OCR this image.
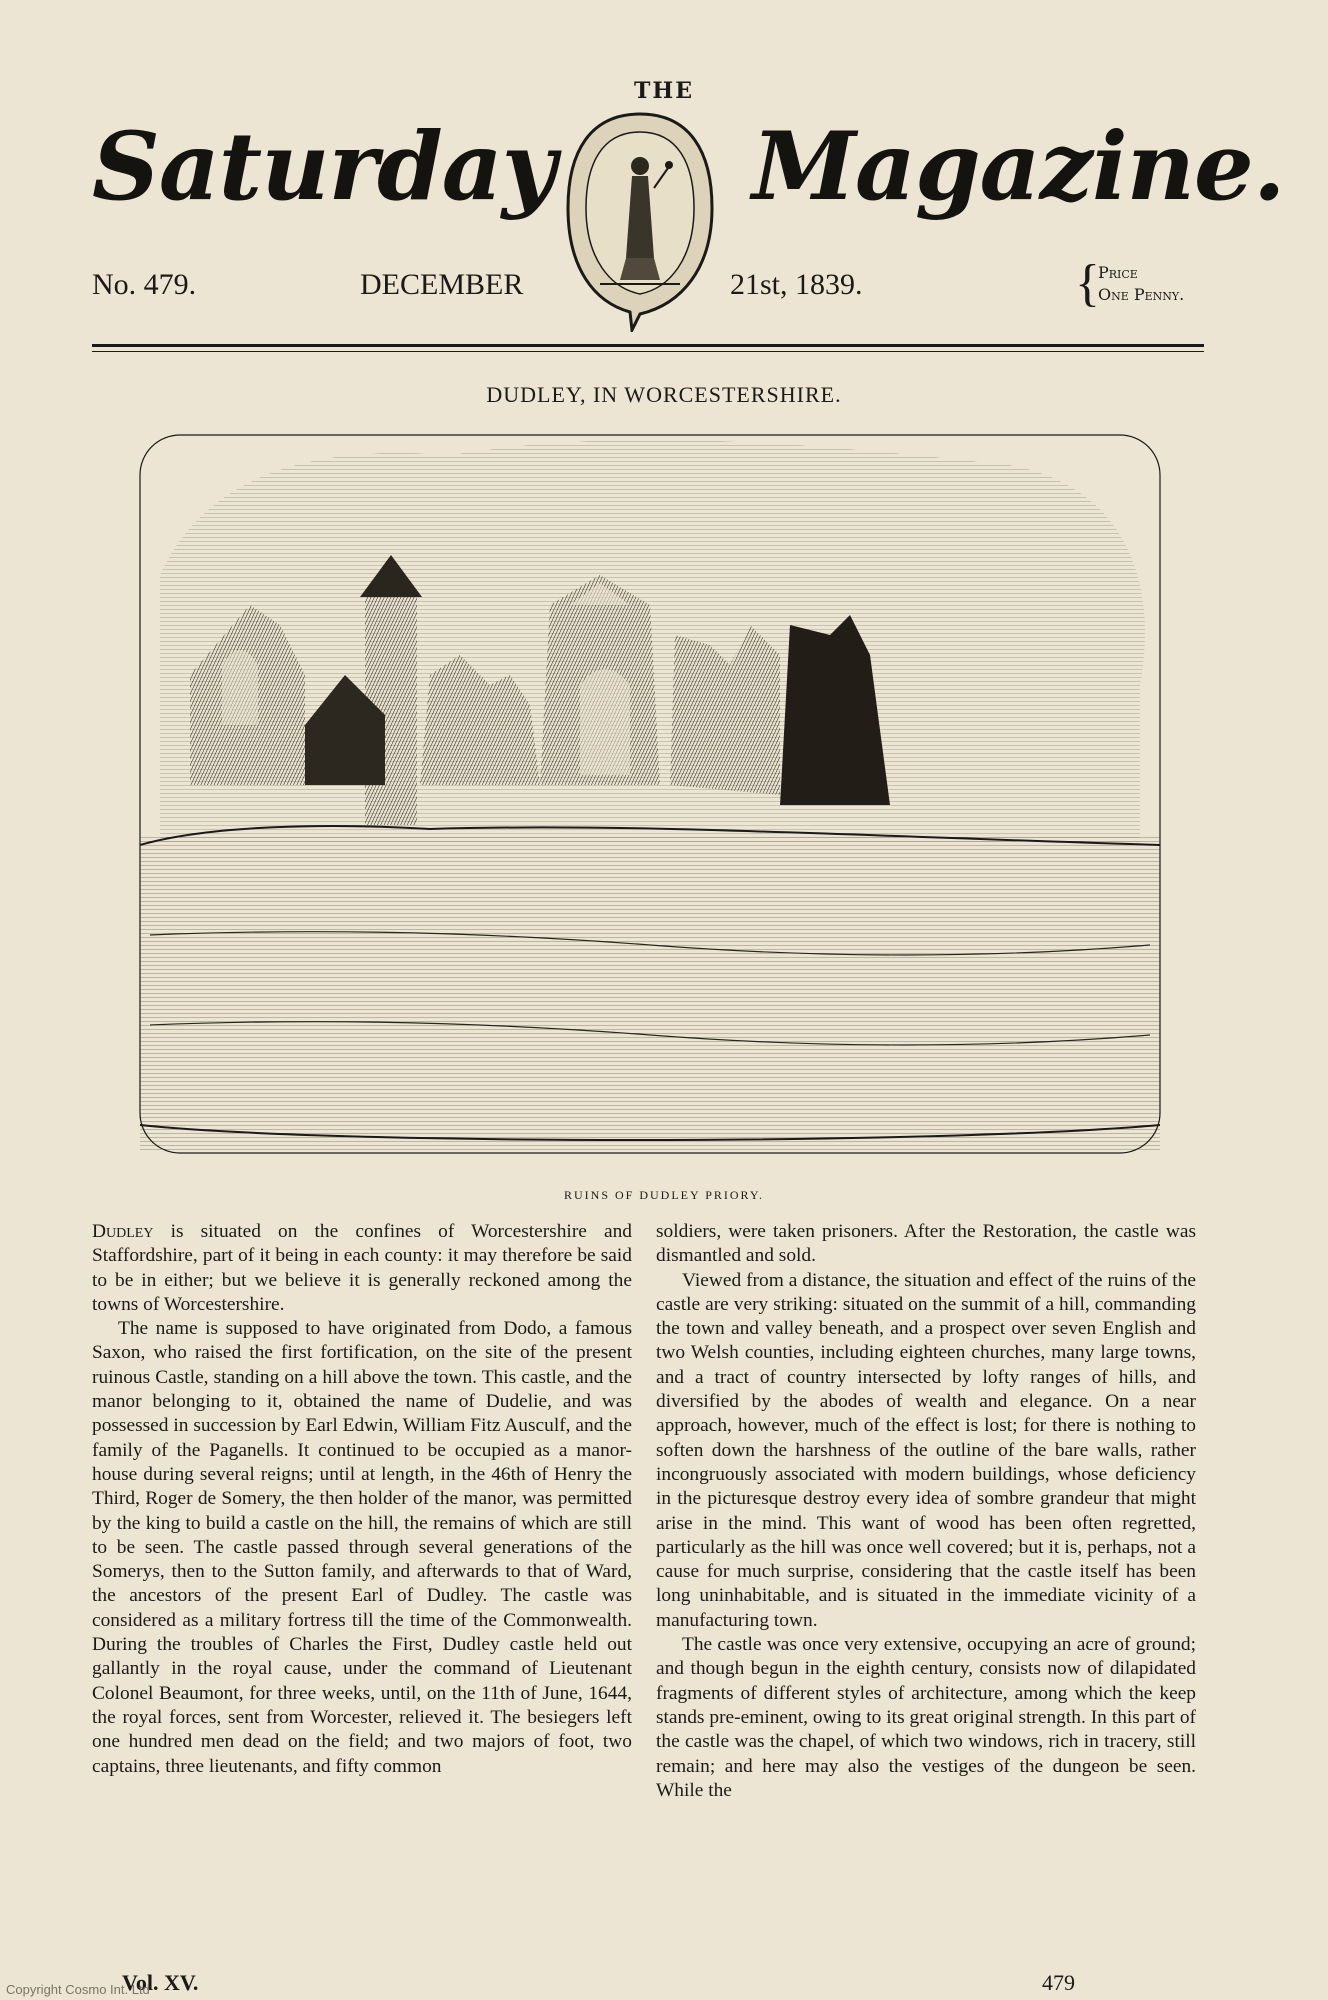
THE
Saturday Magazine.
No. 479.	DECEMBER	21st, 1839.	{
Price
One Penny.
DUDLEY, IN WORCESTERSHIRE.
RUINS OF DUDLEY PRIORY.

Dudley is situated on the confines of Worcestershire and Staffordshire, part of it being in each county: it may therefore be said to be in either; but we believe it is generally reckoned among the towns of Worcestershire.

The name is supposed to have originated from Dodo, a famous Saxon, who raised the first fortification, on the site of the present ruinous Castle, standing on a hill above the town. This castle, and the manor belonging to it, obtained the name of Dudelie, and was possessed in succession by Earl Edwin, William Fitz Ausculf, and the family of the Paganells. It continued to be occupied as a manor-house during several reigns; until at length, in the 46th of Henry the Third, Roger de Somery, the then holder of the manor, was permitted by the king to build a castle on the hill, the remains of which are still to be seen. The castle passed through several generations of the Somerys, then to the Sutton family, and afterwards to that of Ward, the ancestors of the present Earl of Dudley. The castle was considered as a military fortress till the time of the Commonwealth. During the troubles of Charles the First, Dudley castle held out gallantly in the royal cause, under the command of Lieutenant Colonel Beaumont, for three weeks, until, on the 11th of June, 1644, the royal forces, sent from Worcester, relieved it. The besiegers left one hundred men dead on the field; and two majors of foot, two captains, three lieutenants, and fifty common

soldiers, were taken prisoners. After the Restoration, the castle was dismantled and sold.

Viewed from a distance, the situation and effect of the ruins of the castle are very striking: situated on the summit of a hill, commanding the town and valley beneath, and a prospect over seven English and two Welsh counties, including eighteen churches, many large towns, and a tract of country intersected by lofty ranges of hills, and diversified by the abodes of wealth and elegance. On a near approach, however, much of the effect is lost; for there is nothing to soften down the harshness of the outline of the bare walls, rather incongruously associated with modern buildings, whose deficiency in the picturesque destroy every idea of sombre grandeur that might arise in the mind. This want of wood has been often regretted, particularly as the hill was once well covered; but it is, perhaps, not a cause for much surprise, considering that the castle itself has been long uninhabitable, and is situated in the immediate vicinity of a manufacturing town.

The castle was once very extensive, occupying an acre of ground; and though begun in the eighth century, consists now of dilapidated fragments of different styles of architecture, among which the keep stands pre-eminent, owing to its great original strength. In this part of the castle was the chapel, of which two windows, rich in tracery, still remain; and here may also the vestiges of the dungeon be seen. While the

Vol. XV.	479
Copyright Cosmo Int. Ltd
